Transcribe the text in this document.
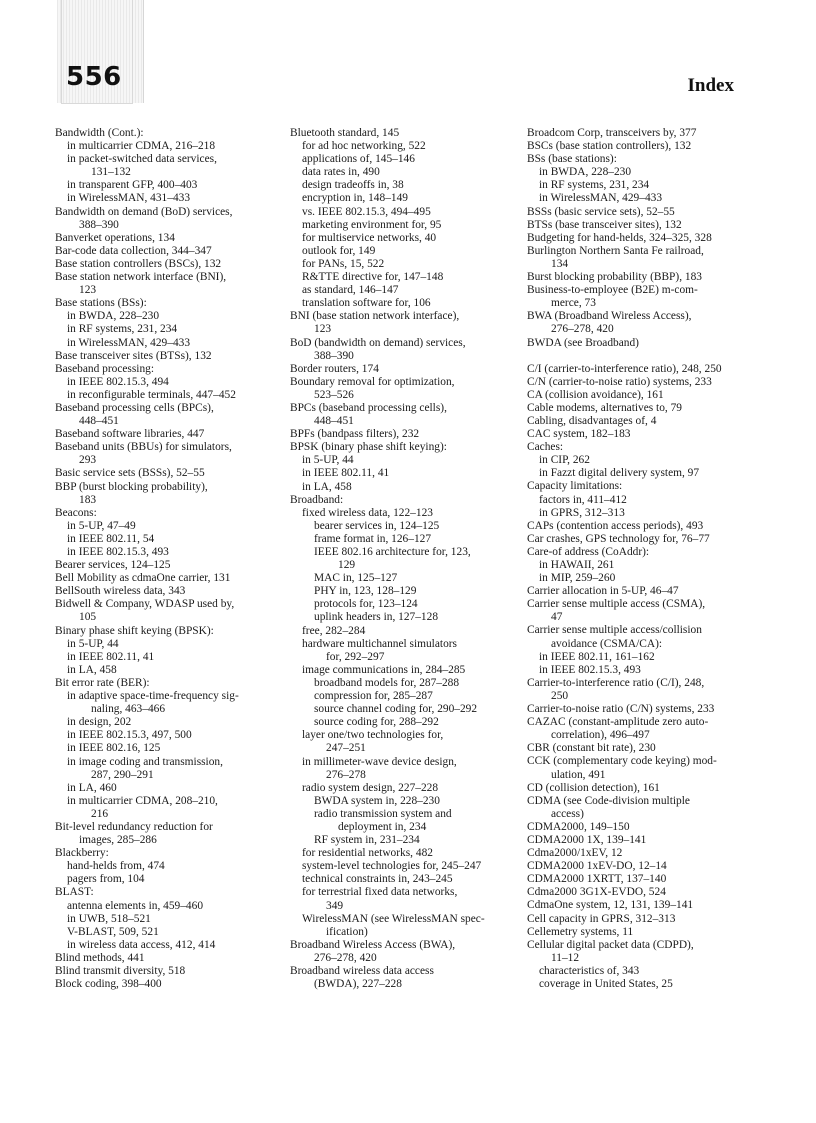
556	Index
Bandwidth (Cont.):
in multicarrier CDMA, 216–218
in packet-switched data services,
131–132
in transparent GFP, 400–403
in WirelessMAN, 431–433
Bandwidth on demand (BoD) services,
388–390
Banverket operations, 134
Bar-code data collection, 344–347
Base station controllers (BSCs), 132
Base station network interface (BNI),
123
Base stations (BSs):
in BWDA, 228–230
in RF systems, 231, 234
in WirelessMAN, 429–433
Base transceiver sites (BTSs), 132
Baseband processing:
in IEEE 802.15.3, 494
in reconfigurable terminals, 447–452
Baseband processing cells (BPCs),
448–451
Baseband software libraries, 447
Baseband units (BBUs) for simulators,
293
Basic service sets (BSSs), 52–55
BBP (burst blocking probability),
183
Beacons:
in 5-UP, 47–49
in IEEE 802.11, 54
in IEEE 802.15.3, 493
Bearer services, 124–125
Bell Mobility as cdmaOne carrier, 131
BellSouth wireless data, 343
Bidwell & Company, WDASP used by,
105
Binary phase shift keying (BPSK):
in 5-UP, 44
in IEEE 802.11, 41
in LA, 458
Bit error rate (BER):
in adaptive space-time-frequency sig-
naling, 463–466
in design, 202
in IEEE 802.15.3, 497, 500
in IEEE 802.16, 125
in image coding and transmission,
287, 290–291
in LA, 460
in multicarrier CDMA, 208–210,
216
Bit-level redundancy reduction for
images, 285–286
Blackberry:
hand-helds from, 474
pagers from, 104
BLAST:
antenna elements in, 459–460
in UWB, 518–521
V-BLAST, 509, 521
in wireless data access, 412, 414
Blind methods, 441
Blind transmit diversity, 518
Block coding, 398–400
Bluetooth standard, 145
for ad hoc networking, 522
applications of, 145–146
data rates in, 490
design tradeoffs in, 38
encryption in, 148–149
vs. IEEE 802.15.3, 494–495
marketing environment for, 95
for multiservice networks, 40
outlook for, 149
for PANs, 15, 522
R&TTE directive for, 147–148
as standard, 146–147
translation software for, 106
BNI (base station network interface),
123
BoD (bandwidth on demand) services,
388–390
Border routers, 174
Boundary removal for optimization,
523–526
BPCs (baseband processing cells),
448–451
BPFs (bandpass filters), 232
BPSK (binary phase shift keying):
in 5-UP, 44
in IEEE 802.11, 41
in LA, 458
Broadband:
fixed wireless data, 122–123
bearer services in, 124–125
frame format in, 126–127
IEEE 802.16 architecture for, 123,
129
MAC in, 125–127
PHY in, 123, 128–129
protocols for, 123–124
uplink headers in, 127–128
free, 282–284
hardware multichannel simulators
for, 292–297
image communications in, 284–285
broadband models for, 287–288
compression for, 285–287
source channel coding for, 290–292
source coding for, 288–292
layer one/two technologies for,
247–251
in millimeter-wave device design,
276–278
radio system design, 227–228
BWDA system in, 228–230
radio transmission system and
deployment in, 234
RF system in, 231–234
for residential networks, 482
system-level technologies for, 245–247
technical constraints in, 243–245
for terrestrial fixed data networks,
349
WirelessMAN (see WirelessMAN spec-
ification)
Broadband Wireless Access (BWA),
276–278, 420
Broadband wireless data access
(BWDA), 227–228
Broadcom Corp, transceivers by, 377
BSCs (base station controllers), 132
BSs (base stations):
in BWDA, 228–230
in RF systems, 231, 234
in WirelessMAN, 429–433
BSSs (basic service sets), 52–55
BTSs (base transceiver sites), 132
Budgeting for hand-helds, 324–325, 328
Burlington Northern Santa Fe railroad,
134
Burst blocking probability (BBP), 183
Business-to-employee (B2E) m-com-
merce, 73
BWA (Broadband Wireless Access),
276–278, 420
BWDA (see Broadband)
C/I (carrier-to-interference ratio), 248, 250
C/N (carrier-to-noise ratio) systems, 233
CA (collision avoidance), 161
Cable modems, alternatives to, 79
Cabling, disadvantages of, 4
CAC system, 182–183
Caches:
in CIP, 262
in Fazzt digital delivery system, 97
Capacity limitations:
factors in, 411–412
in GPRS, 312–313
CAPs (contention access periods), 493
Car crashes, GPS technology for, 76–77
Care-of address (CoAddr):
in HAWAII, 261
in MIP, 259–260
Carrier allocation in 5-UP, 46–47
Carrier sense multiple access (CSMA),
47
Carrier sense multiple access/collision
avoidance (CSMA/CA):
in IEEE 802.11, 161–162
in IEEE 802.15.3, 493
Carrier-to-interference ratio (C/I), 248,
250
Carrier-to-noise ratio (C/N) systems, 233
CAZAC (constant-amplitude zero auto-
correlation), 496–497
CBR (constant bit rate), 230
CCK (complementary code keying) mod-
ulation, 491
CD (collision detection), 161
CDMA (see Code-division multiple
access)
CDMA2000, 149–150
CDMA2000 1X, 139–141
Cdma2000/1xEV, 12
CDMA2000 1xEV-DO, 12–14
CDMA2000 1XRTT, 137–140
Cdma2000 3G1X-EVDO, 524
CdmaOne system, 12, 131, 139–141
Cell capacity in GPRS, 312–313
Cellemetry systems, 11
Cellular digital packet data (CDPD),
11–12
characteristics of, 343
coverage in United States, 25
